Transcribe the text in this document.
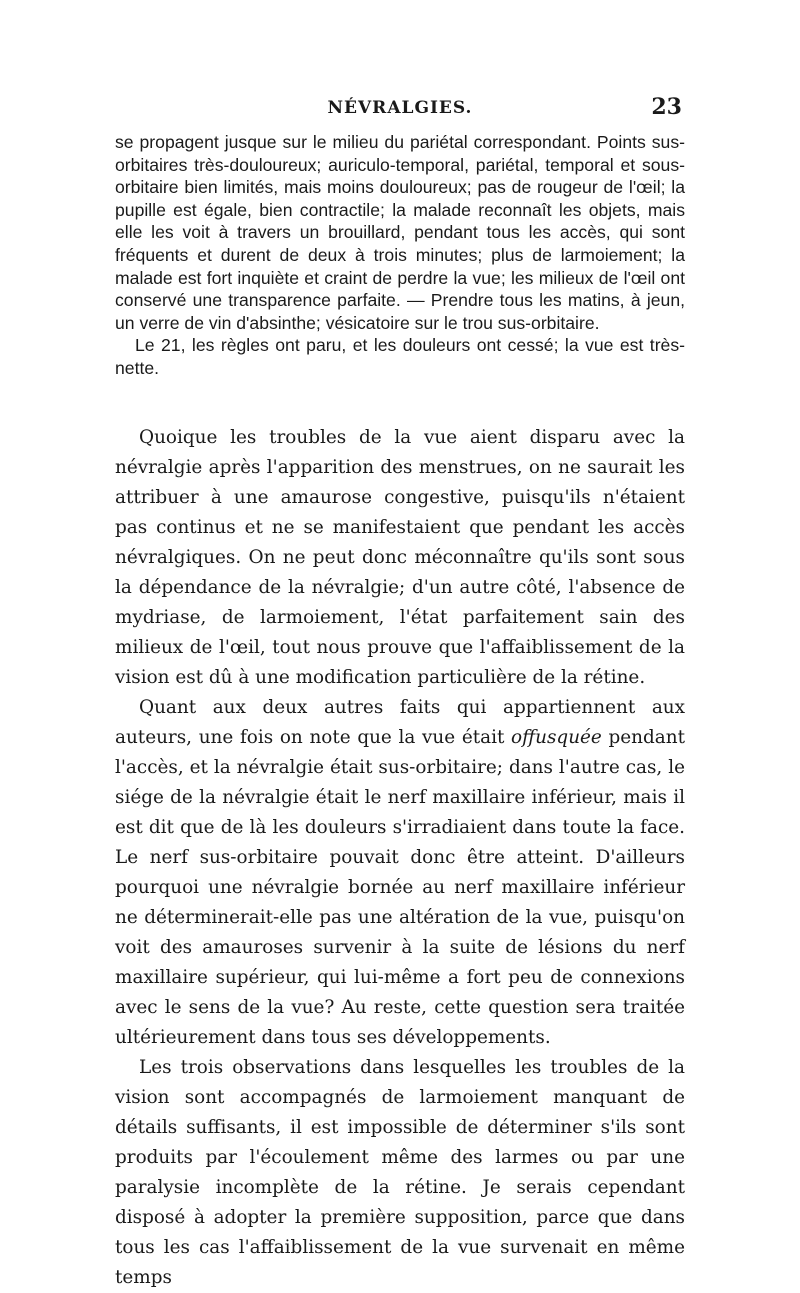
NÉVRALGIES.	23

se propagent jusque sur le milieu du pariétal correspondant. Points sus-orbitaires très-douloureux; auriculo-temporal, pariétal, temporal et sous-orbitaire bien limités, mais moins douloureux; pas de rougeur de l'œil; la pupille est égale, bien contractile; la malade reconnaît les objets, mais elle les voit à travers un brouillard, pendant tous les accès, qui sont fréquents et durent de deux à trois minutes; plus de larmoiement; la malade est fort inquiète et craint de perdre la vue; les milieux de l'œil ont conservé une transparence parfaite. — Prendre tous les matins, à jeun, un verre de vin d'absinthe; vésicatoire sur le trou sus-orbitaire.

Le 21, les règles ont paru, et les douleurs ont cessé; la vue est très-nette.

Quoique les troubles de la vue aient disparu avec la névralgie après l'apparition des menstrues, on ne saurait les attribuer à une amaurose congestive, puisqu'ils n'étaient pas continus et ne se manifestaient que pendant les accès névralgiques. On ne peut donc méconnaître qu'ils sont sous la dépendance de la névralgie; d'un autre côté, l'absence de mydriase, de larmoiement, l'état parfaitement sain des milieux de l'œil, tout nous prouve que l'affaiblissement de la vision est dû à une modification particulière de la rétine.

Quant aux deux autres faits qui appartiennent aux auteurs, une fois on note que la vue était offusquée pendant l'accès, et la névralgie était sus-orbitaire; dans l'autre cas, le siége de la névralgie était le nerf maxillaire inférieur, mais il est dit que de là les douleurs s'irradiaient dans toute la face. Le nerf sus-orbitaire pouvait donc être atteint. D'ailleurs pourquoi une névralgie bornée au nerf maxillaire inférieur ne déterminerait-elle pas une altération de la vue, puisqu'on voit des amauroses survenir à la suite de lésions du nerf maxillaire supérieur, qui lui-même a fort peu de connexions avec le sens de la vue? Au reste, cette question sera traitée ultérieurement dans tous ses développements.

Les trois observations dans lesquelles les troubles de la vision sont accompagnés de larmoiement manquant de détails suffisants, il est impossible de déterminer s'ils sont produits par l'écoulement même des larmes ou par une paralysie incomplète de la rétine. Je serais cependant disposé à adopter la première supposition, parce que dans tous les cas l'affaiblissement de la vue survenait en même temps
